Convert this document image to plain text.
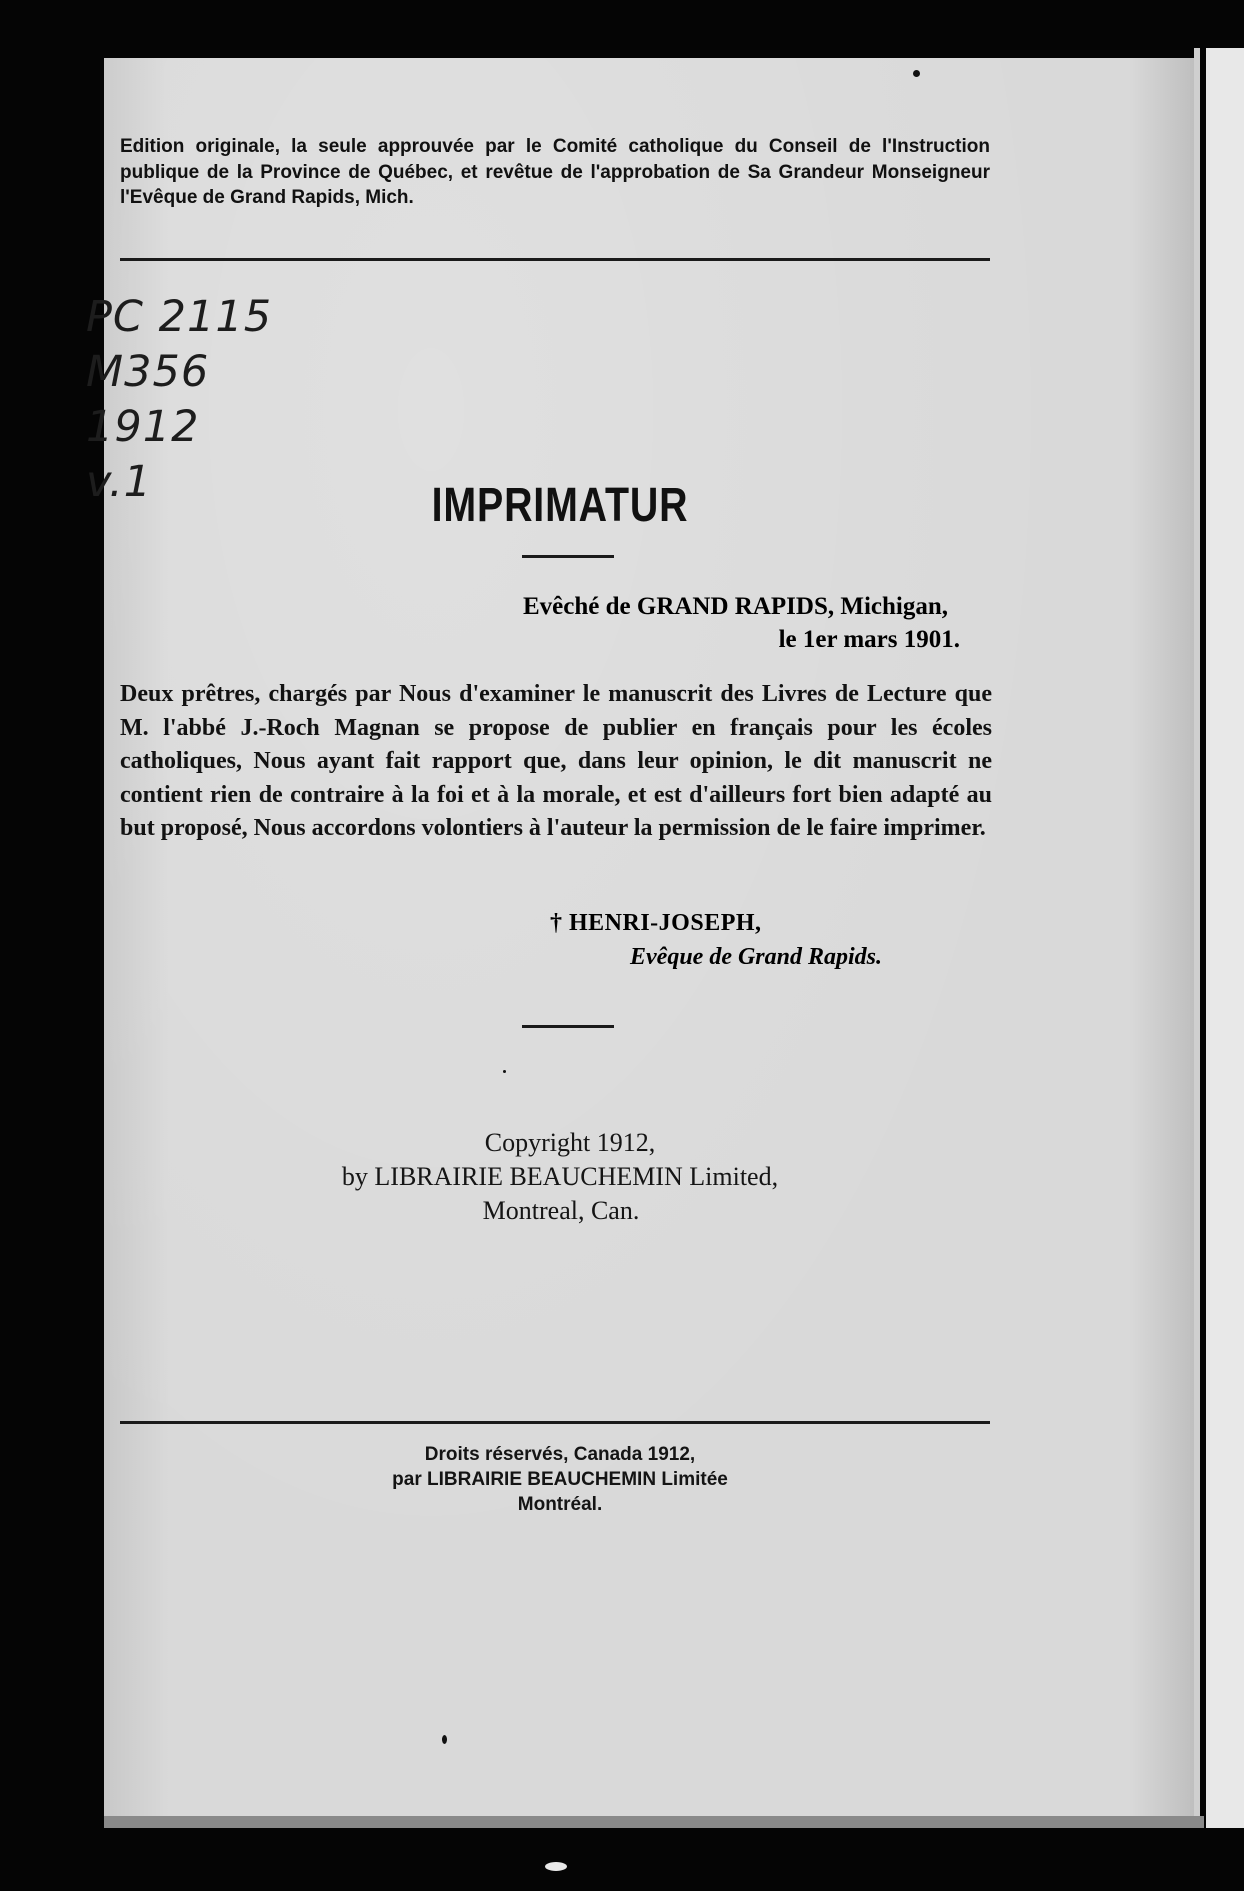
Edition originale, la seule approuvée par le Comité catholique du Conseil de l'Instruction publique de la Province de Québec, et revêtue de l'approbation de Sa Grandeur Monseigneur l'Evêque de Grand Rapids, Mich.
PC 2115
M356
1912
v.1	IMPRIMATUR
Evêché de GRAND RAPIDS, Michigan,
le 1er mars 1901.
Deux prêtres, chargés par Nous d'examiner le manuscrit des Livres de Lecture que M. l'abbé J.-Roch Magnan se propose de publier en français pour les écoles catholiques, Nous ayant fait rapport que, dans leur opinion, le dit manuscrit ne contient rien de contraire à la foi et à la morale, et est d'ailleurs fort bien adapté au but proposé, Nous accordons volontiers à l'auteur la permission de le faire imprimer.
† HENRI-JOSEPH,
Evêque de Grand Rapids.
Copyright 1912,
by LIBRAIRIE BEAUCHEMIN Limited,
Montreal, Can.
Droits réservés, Canada 1912,
par LIBRAIRIE BEAUCHEMIN Limitée
Montréal.
